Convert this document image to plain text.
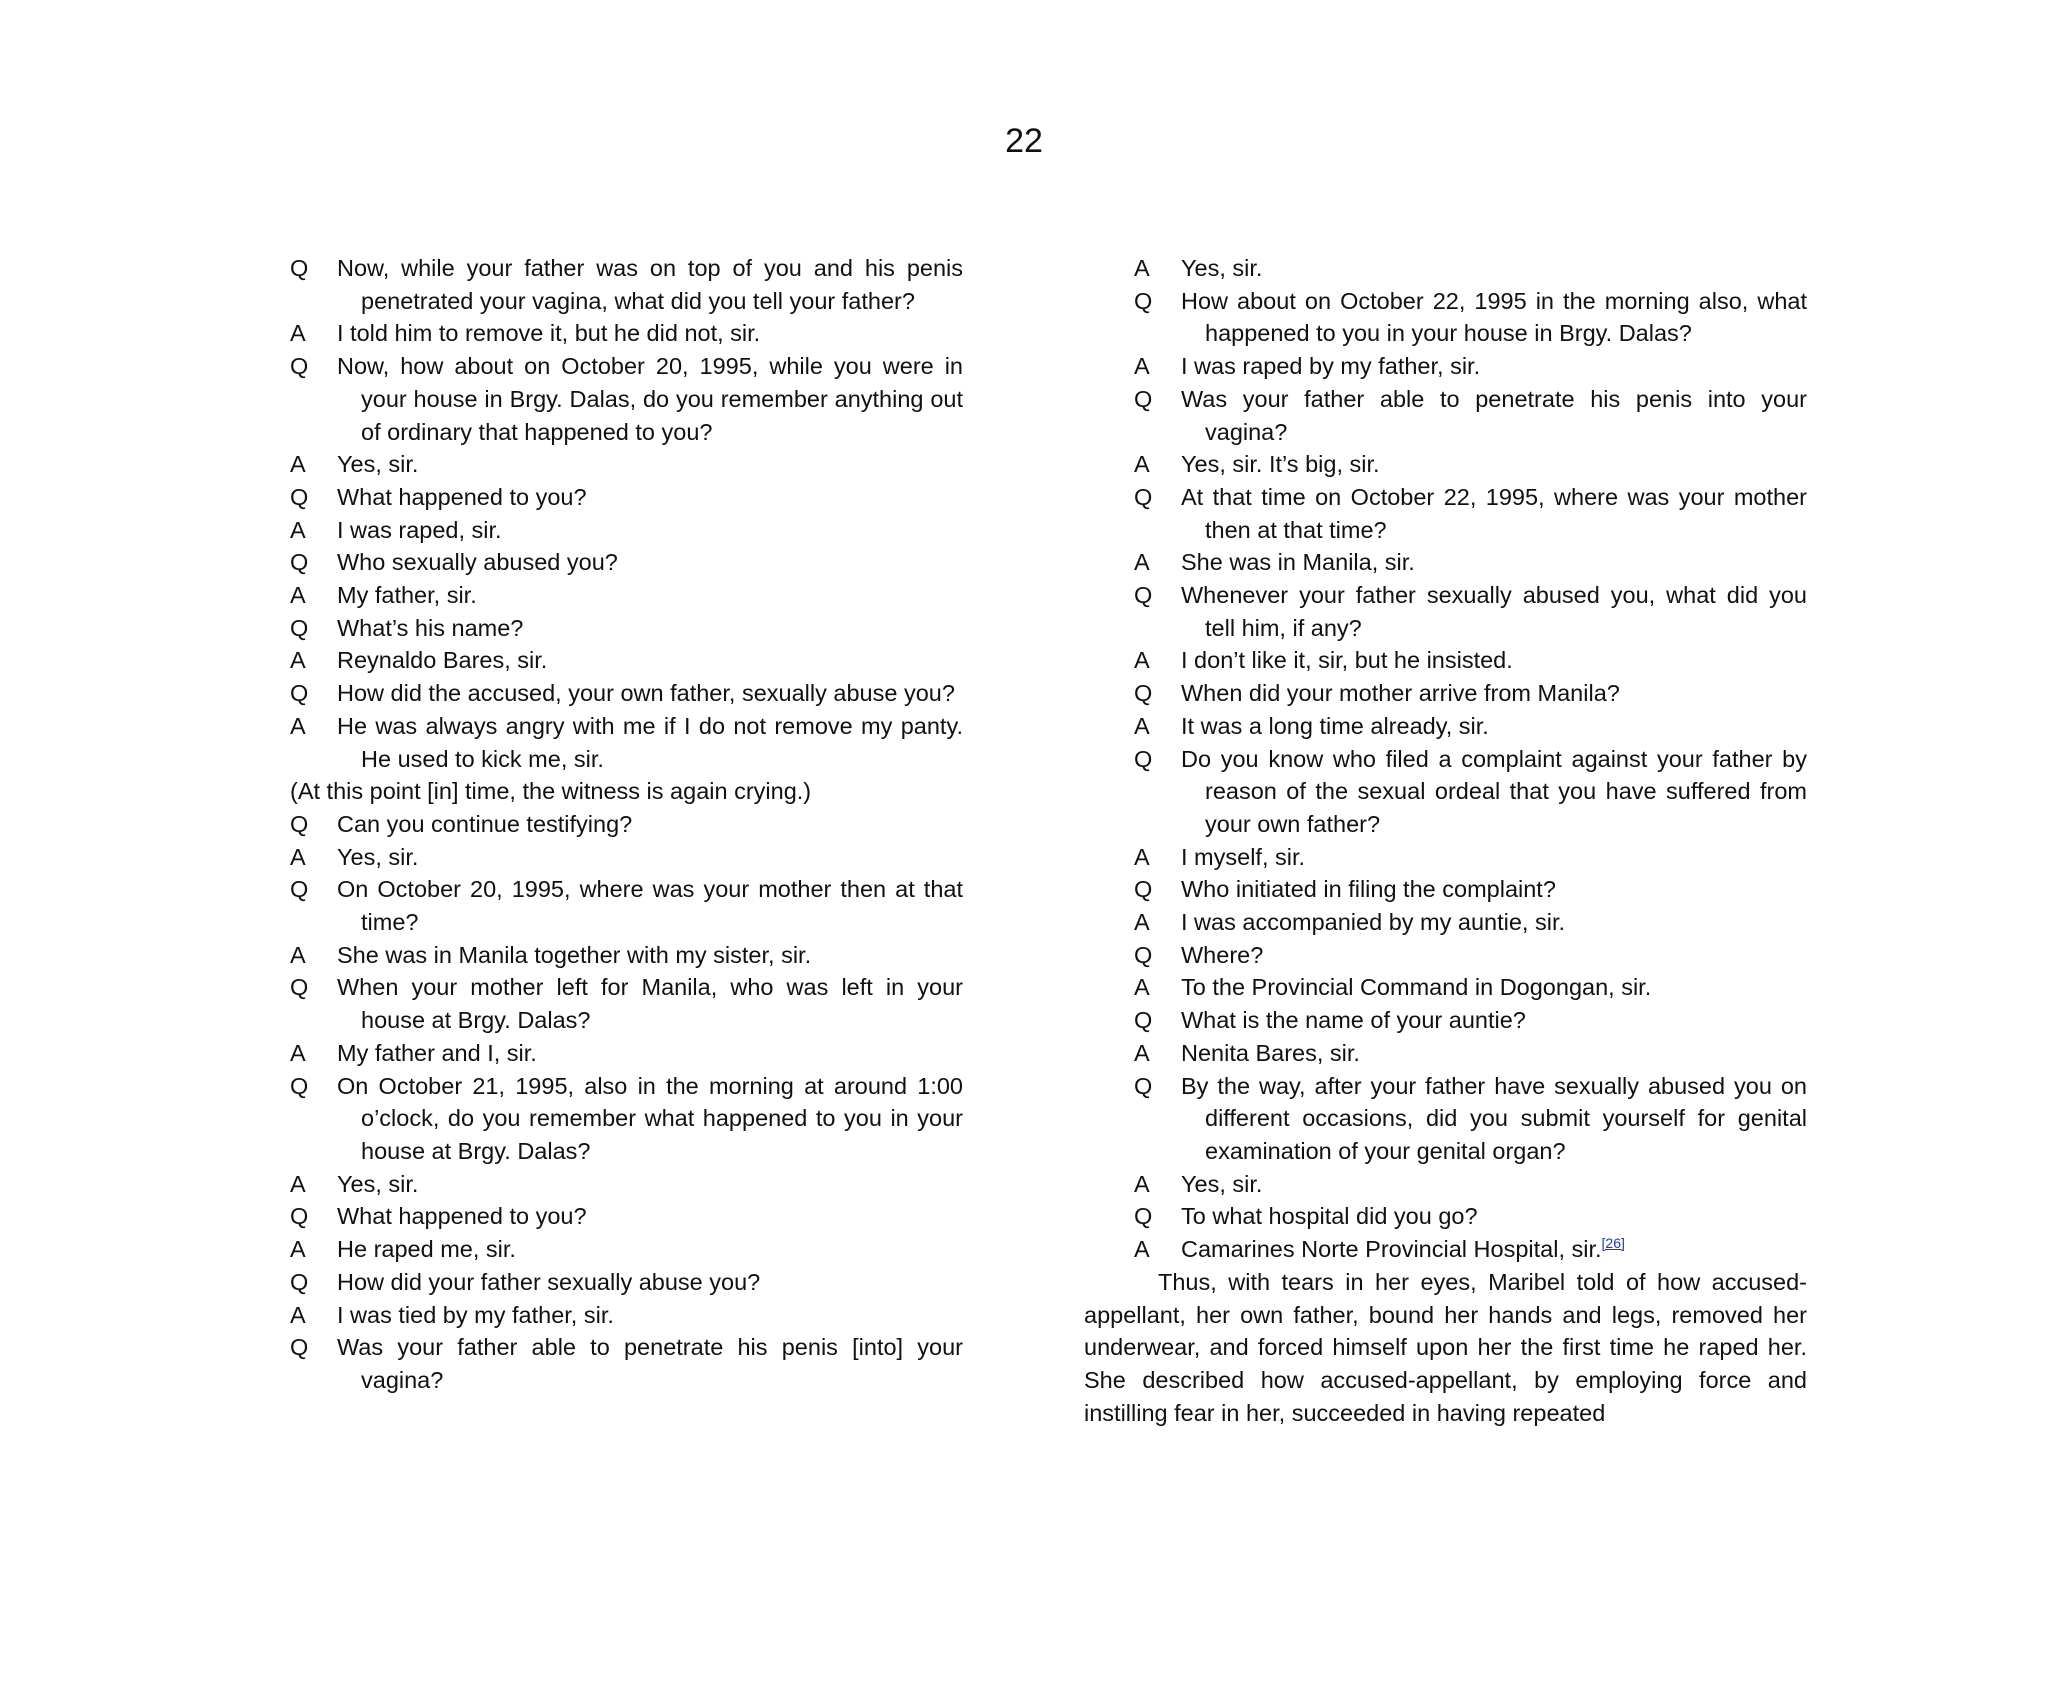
22
Q	Now, while your father was on top of you and his penis penetrated your vagina, what did you tell your father?
A	I told him to remove it, but he did not, sir.
Q	Now, how about on October 20, 1995, while you were in your house in Brgy. Dalas, do you remember anything out of ordinary that happened to you?
A	Yes, sir.
Q	What happened to you?
A	I was raped, sir.
Q	Who sexually abused you?
A	My father, sir.
Q	What’s his name?
A	Reynaldo Bares, sir.
Q	How did the accused, your own father, sexually abuse you?
A	He was always angry with me if I do not remove my panty. He used to kick me, sir.
(At this point [in] time, the witness is again crying.)
Q	Can you continue testifying?
A	Yes, sir.
Q	On October 20, 1995, where was your mother then at that time?
A	She was in Manila together with my sister, sir.
Q	When your mother left for Manila, who was left in your house at Brgy. Dalas?
A	My father and I, sir.
Q	On October 21, 1995, also in the morning at around 1:00 o’clock, do you remember what happened to you in your house at Brgy. Dalas?
A	Yes, sir.
Q	What happened to you?
A	He raped me, sir.
Q	How did your father sexually abuse you?
A	I was tied by my father, sir.
Q	Was your father able to penetrate his penis [into] your vagina?
A	Yes, sir.
Q	How about on October 22, 1995 in the morning also, what happened to you in your house in Brgy. Dalas?
A	I was raped by my father, sir.
Q	Was your father able to penetrate his penis into your vagina?
A	Yes, sir. It’s big, sir.
Q	At that time on October 22, 1995, where was your mother then at that time?
A	She was in Manila, sir.
Q	Whenever your father sexually abused you, what did you tell him, if any?
A	I don’t like it, sir, but he insisted.
Q	When did your mother arrive from Manila?
A	It was a long time already, sir.
Q	Do you know who filed a complaint against your father by reason of the sexual ordeal that you have suffered from your own father?
A	I myself, sir.
Q	Who initiated in filing the complaint?
A	I was accompanied by my auntie, sir.
Q	Where?
A	To the Provincial Command in Dogongan, sir.
Q	What is the name of your auntie?
A	Nenita Bares, sir.
Q	By the way, after your father have sexually abused you on different occasions, did you submit yourself for genital examination of your genital organ?
A	Yes, sir.
Q	To what hospital did you go?
A	Camarines Norte Provincial Hospital, sir.[26]

Thus, with tears in her eyes, Maribel told of how accused-appellant, her own father, bound her hands and legs, removed her underwear, and forced himself upon her the first time he raped her. She described how accused-appellant, by employing force and instilling fear in her, succeeded in having repeated
